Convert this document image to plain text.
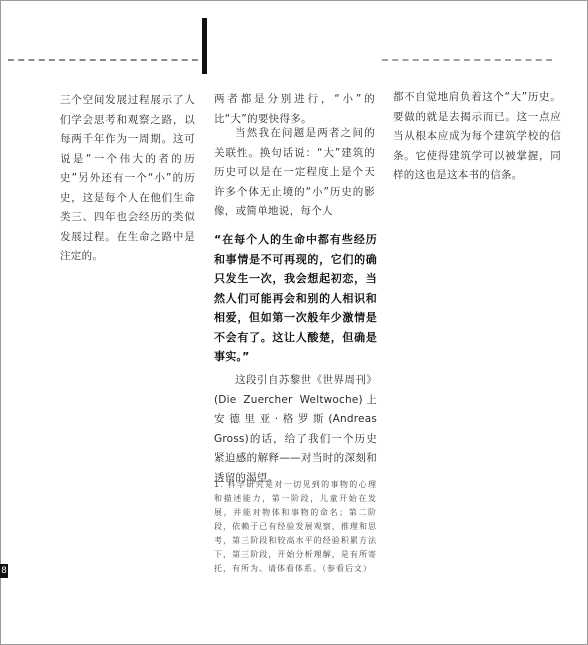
三个空间发展过程展示了人们学会思考和观察之路，以每两千年作为一周期。这可说是“一个伟大的者的历史”另外还有一个“小”的历史，这是每个人在他们生命类三、四年也会经历的类似发展过程。在生命之路中是注定的。

两者都是分别进行，“小”的比“大”的要快得多。

当然我在问题是两者之间的关联性。换句话说：“大”建筑的历史可以是在一定程度上是个天许多个体无止境的“小”历史的影像，或简单地说，每个人

“在每个人的生命中都有些经历和事情是不可再现的，它们的确只发生一次，我会想起初恋，当然人们可能再会和别的人相识和相爱，但如第一次般年少激情是不会有了。这让人酸楚，但确是事实。”

这段引自苏黎世《世界周刊》(Die Zuercher Weltwoche)上安德里亚·格罗斯(Andreas Gross)的话，给了我们一个历史紧迫感的解释——对当时的深刻和透留的渴望。

1. 科学研究是对一切见到的事物的心理和描述能力，第一阶段，儿童开始在发展，并能对物体和事物的命名；第二阶段，依赖于已有经验发展观察、推理和思考，第三阶段和较高水平的经验积累方法下，第三阶段，开始分析理解，是有所寄托，有所为。请体看体系。（参看后文）

都不自觉地肩负着这个“大”历史。要做的就是去揭示而已。这一点应当从根本应成为每个建筑学校的信条。它使得建筑学可以被掌握，同样的这也是这本书的信条。

8
